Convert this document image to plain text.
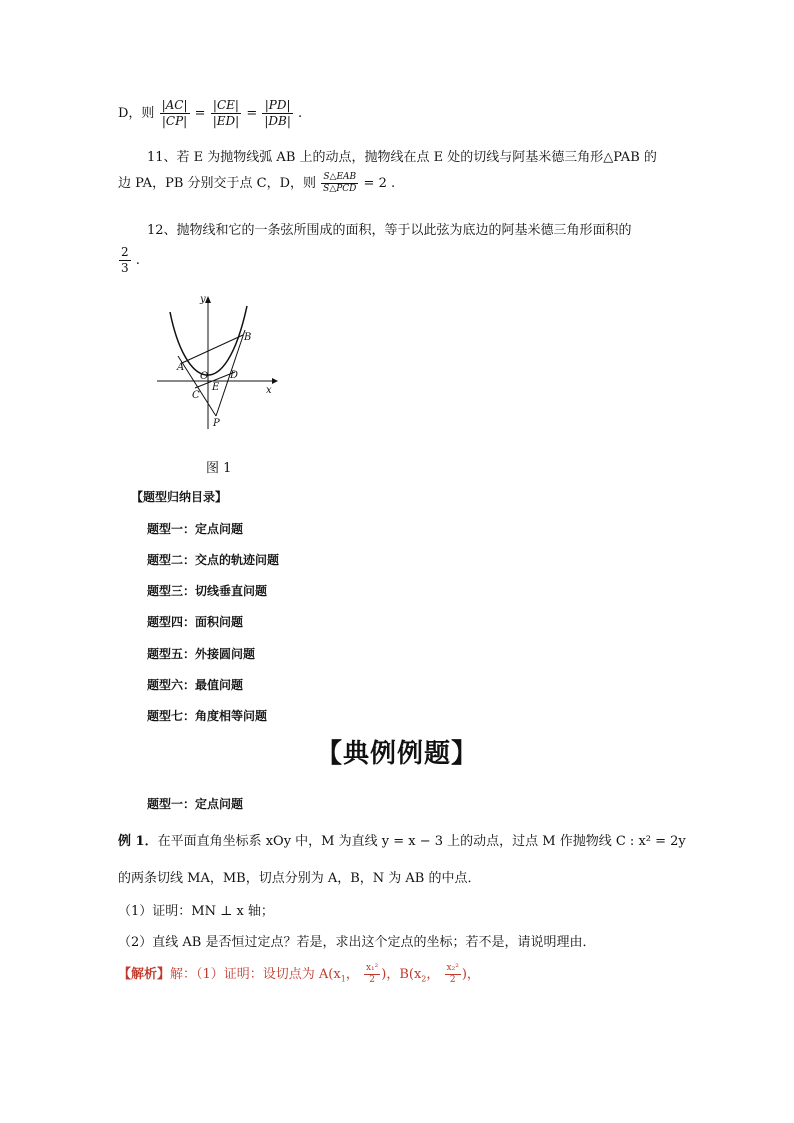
D，则 $\frac{|AC|}{|CP|} = \frac{|CE|}{|ED|} = \frac{|PD|}{|DB|}$ .
11、若 E 为抛物线弧 AB 上的动点，抛物线在点 E 处的切线与阿基米德三角形△PAB 的
边 PA，PB 分别交于点 C，D，则 $\frac{\text{S△EAB}}{\text{S△PCD}} = 2$ .
12、抛物线和它的一条弦所围成的面积，等于以此弦为底边的阿基米德三角形面积的
$\frac{2}{3}$ .
y
x
A
B
O
E
C
D
P
图 1
【题型归纳目录】
题型一：定点问题
题型二：交点的轨迹问题
题型三：切线垂直问题
题型四：面积问题
题型五：外接圆问题
题型六：最值问题
题型七：角度相等问题
【典例例题】
题型一：定点问题
例 1．在平面直角坐标系 xOy 中，M 为直线 y = x − 3 上的动点，过点 M 作抛物线 C : x² = 2y
的两条切线 MA，MB，切点分别为 A，B，N 为 AB 的中点．
（1）证明：MN ⊥ x 轴；
（2）直线 AB 是否恒过定点？若是，求出这个定点的坐标；若不是，请说明理由．
【解析】解：（1）证明：设切点为 $A(x_1$， $\frac{\text{x₁²}}{2}$ )，$B(x_2$， $\frac{\text{x₂²}}{2}$ )，
